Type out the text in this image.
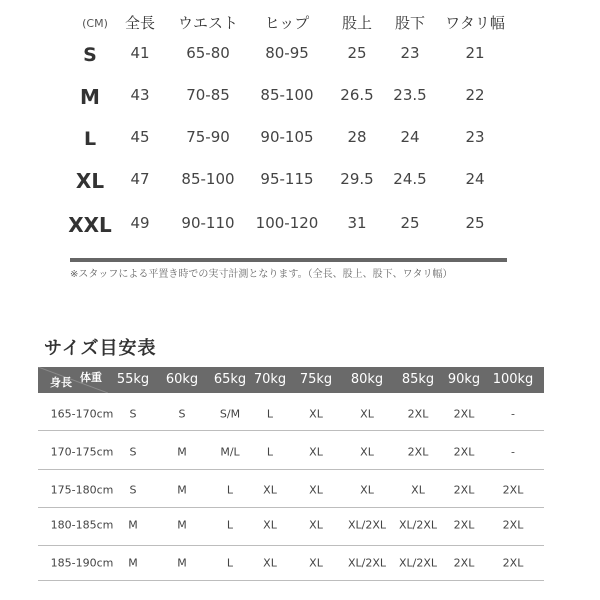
(CM) 全長 ウエスト ヒップ 股上 股下 ワタリ幅
S 41 65-80 80-95	25 23	21
M 43 70-85 85-100 26.5 23.5	22
L 45 75-90 90-105 28 24	23
XL 47 85-100 95-115 29.5 24.5	24
XXL 49 90-110 100-120 31 25	25
※スタッフによる平置き時での実寸計測となります。（全長、股上、股下、ワタリ幅）
サイズ目安表
身長 体重 55kg 60kg 65kg 70kg 75kg 80kg 85kg 90kg 100kg
165-170cm S	S	S/M L	XL	XL	2XL 2XL	-
170-175cm S	M	M/L L	XL	XL	2XL 2XL	-
175-180cm S	M	L	XL	XL	XL	XL	2XL	2XL
180-185cm M	M	L	XL	XL XL/2XL XL/2XL 2XL	2XL
185-190cm M	M	L	XL	XL XL/2XL XL/2XL 2XL	2XL
